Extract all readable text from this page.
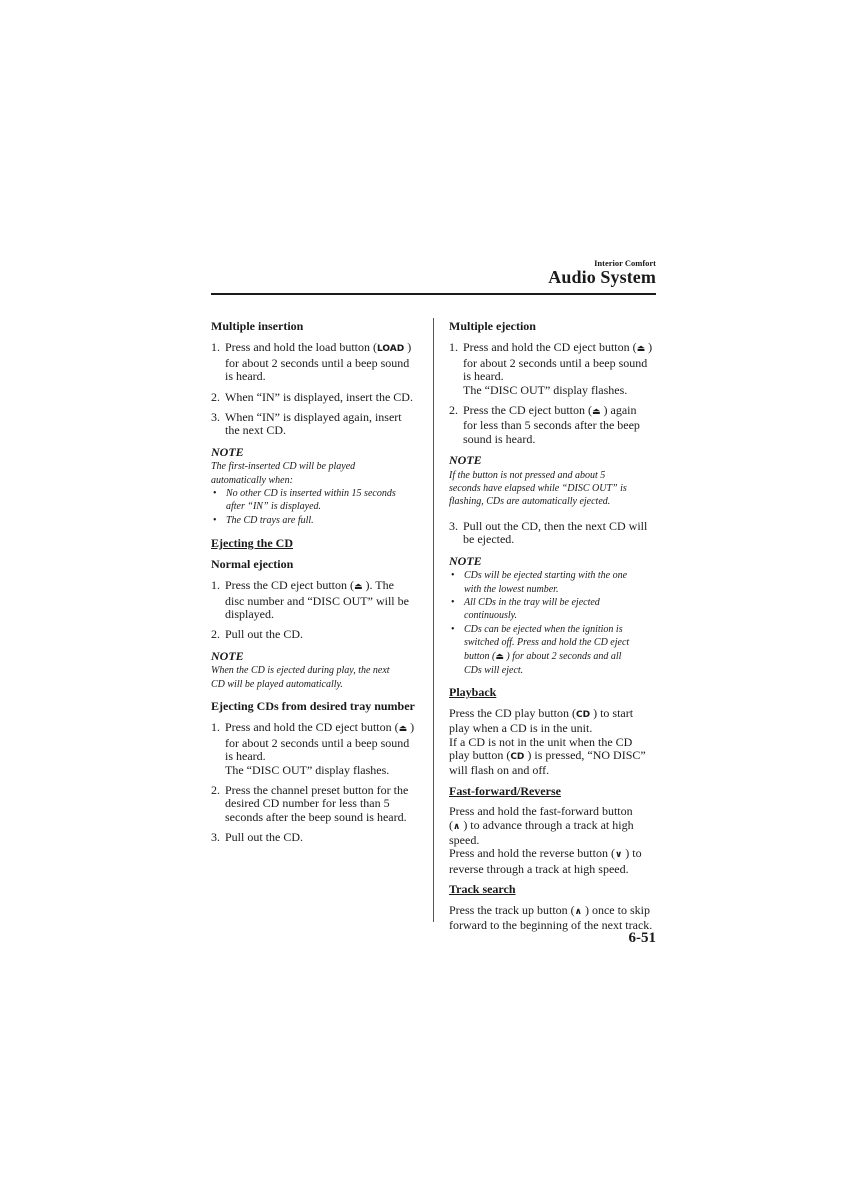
Interior Comfort
Audio System
Multiple insertion
1. Press and hold the load button (LOAD )
for about 2 seconds until a beep sound
is heard.
2. When “IN” is displayed, insert the CD.
3. When “IN” is displayed again, insert
the next CD.
NOTE
The first-inserted CD will be played
automatically when:
• No other CD is inserted within 15 seconds
after “IN” is displayed.
• The CD trays are full.
Ejecting the CD
Normal ejection
1. Press the CD eject button (⏏ ). The
disc number and “DISC OUT” will be
displayed.
2. Pull out the CD.
NOTE
When the CD is ejected during play, the next
CD will be played automatically.
Ejecting CDs from desired tray number
1. Press and hold the CD eject button (⏏ )
for about 2 seconds until a beep sound
is heard.
The “DISC OUT” display flashes.
2. Press the channel preset button for the
desired CD number for less than 5
seconds after the beep sound is heard.
3. Pull out the CD.
Multiple ejection
1. Press and hold the CD eject button (⏏ )
for about 2 seconds until a beep sound
is heard.
The “DISC OUT” display flashes.
2. Press the CD eject button (⏏ ) again
for less than 5 seconds after the beep
sound is heard.
NOTE
If the button is not pressed and about 5
seconds have elapsed while “DISC OUT” is
flashing, CDs are automatically ejected.
3. Pull out the CD, then the next CD will
be ejected.
NOTE
• CDs will be ejected starting with the one
with the lowest number.
• All CDs in the tray will be ejected
continuously.
• CDs can be ejected when the ignition is
switched off. Press and hold the CD eject
button (⏏ ) for about 2 seconds and all
CDs will eject.
Playback
Press the CD play button (CD ) to start
play when a CD is in the unit.
If a CD is not in the unit when the CD
play button (CD ) is pressed, “NO DISC”
will flash on and off.
Fast-forward/Reverse
Press and hold the fast-forward button
(∧ ) to advance through a track at high
speed.
Press and hold the reverse button (∨ ) to
reverse through a track at high speed.
Track search
Press the track up button (∧ ) once to skip
forward to the beginning of the next track.
6-51
